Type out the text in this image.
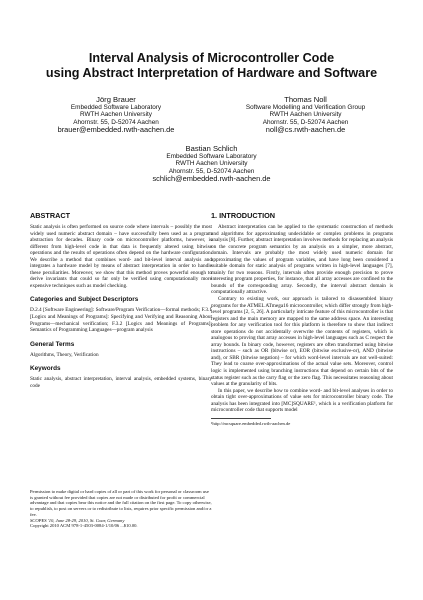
Interval Analysis of Microcontroller Code
using Abstract Interpretation of Hardware and Software
Jörg Brauer
Embedded Software Laboratory
RWTH Aachen University
Ahornstr. 55, D-52074 Aachen
brauer@embedded.rwth-aachen.de
Thomas Noll
Software Modelling and Verification Group
RWTH Aachen University
Ahornstr. 55, D-52074 Aachen
noll@cs.rwth-aachen.de
Bastian Schlich
Embedded Software Laboratory
RWTH Aachen University
Ahornstr. 55, D-52074 Aachen
schlich@embedded.rwth-aachen.de
ABSTRACT

Static analysis is often performed on source code where intervals – possibly the most widely used numeric abstract domain – have successfully been used as a program abstraction for decades. Binary code on microcontroller platforms, however, is different from high-level code in that data is frequently altered using bitwise operations and the results of operations often depend on the hardware configuration. We describe a method that combines word- and bit-level interval analysis and integrates a hardware model by means of abstract interpretation in order to handle these peculiarities. Moreover, we show that this method proves powerful enough to derive invariants that could so far only be verified using computationally more expensive techniques such as model checking.

Categories and Subject Descriptors

D.2.4 [Software Engineering]: Software/Program Verification—formal methods; F.3.1 [Logics and Meanings of Programs]: Specifying and Verifying and Reasoning About Programs—mechanical verification; F.3.2 [Logics and Meanings of Programs]: Semantics of Programming Languages—program analysis

General Terms

Algorithms, Theory, Verification

Keywords

Static analysis, abstract interpretation, interval analysis, embedded systems, binary code

Permission to make digital or hard copies of all or part of this work for personal or classroom use is granted without fee provided that copies are not made or distributed for profit or commercial advantage and that copies bear this notice and the full citation on the first page. To copy otherwise, to republish, to post on servers or to redistribute to lists, requires prior specific permission and/or a fee.

SCOPES '10, June 28-29, 2010, St. Goar, Germany

Copyright 2010 ACM 978-1-4503-0084-1/10/06 ...$10.00.

1. INTRODUCTION

Abstract interpretation can be applied to the systematic construction of methods and algorithms for approximating undecidable or complex problems in programs analysis [8]. Further, abstract interpretation involves methods for replacing an analysis on the concrete program semantics by an analysis on a simpler, more abstract, domain. Intervals are probably the most widely used numeric domain for approximating the values of program variables, and have long been considered a suitable domain for static analysis of programs written in high-level languages [7], mainly for two reasons. Firstly, intervals often provide enough precision to prove interesting program properties, for instance, that all array accesses are confined to the bounds of the corresponding array. Secondly, the interval abstract domain is computationally attractive.

Contrary to existing work, our approach is tailored to disassembled binary programs for the ATMEL ATmega16 microcontroller, which differ strongly from high-level programs [2, 5, 26]. A particularly intricate feature of this microcontroller is that registers and the main memory are mapped to the same address space. An interesting problem for any verification tool for this platform is therefore to show that indirect store operations do not accidentally overwrite the contents of registers, which is analogous to proving that array accesses in high-level languages such as C respect the array bounds. In binary code, however, registers are often transformed using bitwise instructions – such as OR (bitwise or), EOR (bitwise exclusive-or), AND (bitwise and), or SBR (bitwise negation) – for which word-level intervals are not well-suited: They lead to coarse over-approximations of the actual value sets. Moreover, control logic is implemented using branching instructions that depend on certain bits of the status register such as the carry flag or the zero flag. This necessitates reasoning about values at the granularity of bits.

In this paper, we describe how to combine word- and bit-level analyses in order to obtain tight over-approximations of value sets for microcontroller binary code. The analysis has been integrated into [MC]SQUARE¹, which is a verification platform for microcontroller code that supports model

¹http://mcsquare.embedded.rwth-aachen.de
